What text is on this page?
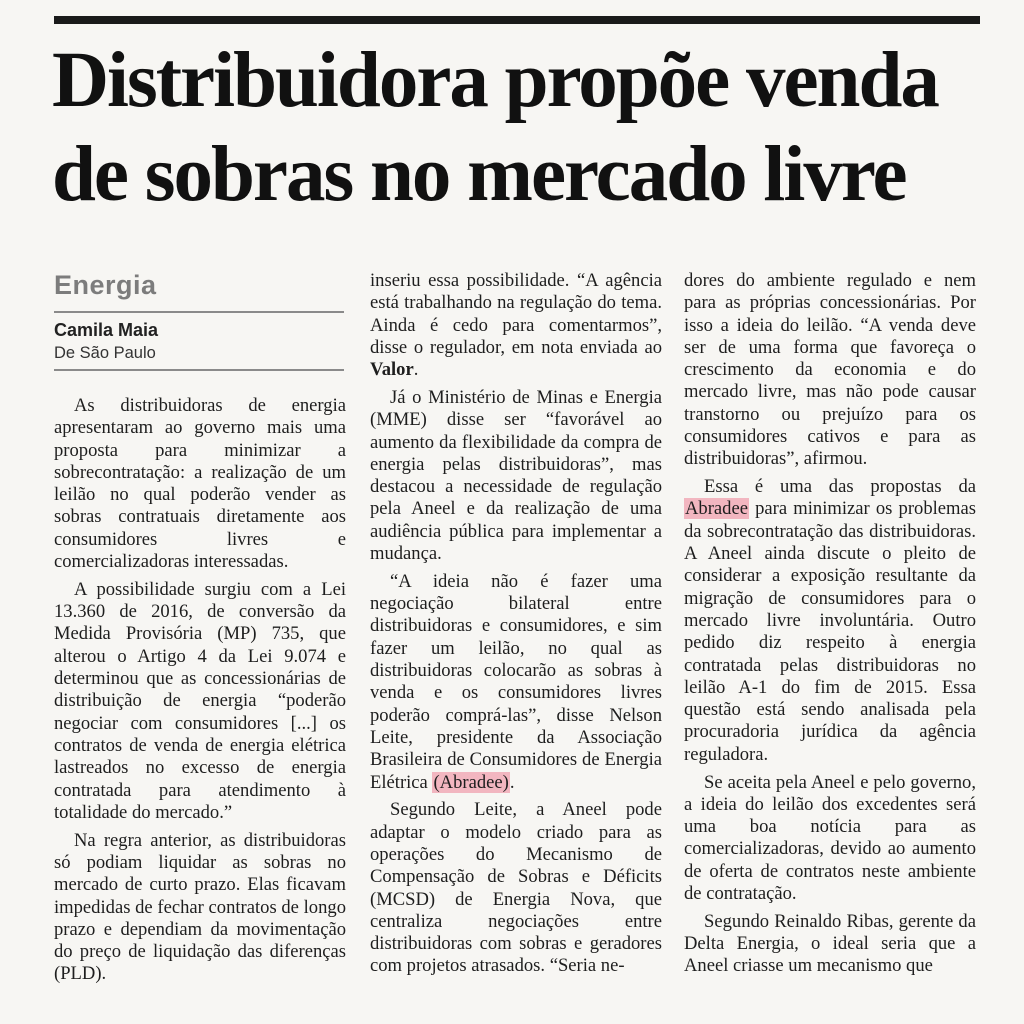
Distribuidora propõe venda
de sobras no mercado livre
Energia
Camila Maia
De São Paulo

As distribuidoras de energia apresentaram ao governo mais uma proposta para minimizar a sobrecontratação: a realização de um leilão no qual poderão vender as sobras contratuais diretamente aos consumidores livres e comercializadoras interessadas.

A possibilidade surgiu com a Lei 13.360 de 2016, de conversão da Medida Provisória (MP) 735, que alterou o Artigo 4 da Lei 9.074 e determinou que as concessionárias de distribuição de energia “poderão negociar com consumidores [...] os contratos de venda de energia elétrica lastreados no excesso de energia contratada para atendimento à totalidade do mercado.”

Na regra anterior, as distribuidoras só podiam liquidar as sobras no mercado de curto prazo. Elas ficavam impedidas de fechar contratos de longo prazo e dependiam da movimentação do preço de liquidação das diferenças (PLD).

inseriu essa possibilidade. “A agência está trabalhando na regulação do tema. Ainda é cedo para comentarmos”, disse o regulador, em nota enviada ao Valor.

Já o Ministério de Minas e Energia (MME) disse ser “favorável ao aumento da flexibilidade da compra de energia pelas distribuidoras”, mas destacou a necessidade de regulação pela Aneel e da realização de uma audiência pública para implementar a mudança.

“A ideia não é fazer uma negociação bilateral entre distribuidoras e consumidores, e sim fazer um leilão, no qual as distribuidoras colocarão as sobras à venda e os consumidores livres poderão comprá-las”, disse Nelson Leite, presidente da Associação Brasileira de Consumidores de Energia Elétrica (Abradee).

Segundo Leite, a Aneel pode adaptar o modelo criado para as operações do Mecanismo de Compensação de Sobras e Déficits (MCSD) de Energia Nova, que centraliza negociações entre distribuidoras com sobras e geradores com projetos atrasados. “Seria ne-

dores do ambiente regulado e nem para as próprias concessionárias. Por isso a ideia do leilão. “A venda deve ser de uma forma que favoreça o crescimento da economia e do mercado livre, mas não pode causar transtorno ou prejuízo para os consumidores cativos e para as distribuidoras”, afirmou.

Essa é uma das propostas da Abradee para minimizar os problemas da sobrecontratação das distribuidoras. A Aneel ainda discute o pleito de considerar a exposição resultante da migração de consumidores para o mercado livre involuntária. Outro pedido diz respeito à energia contratada pelas distribuidoras no leilão A-1 do fim de 2015. Essa questão está sendo analisada pela procuradoria jurídica da agência reguladora.

Se aceita pela Aneel e pelo governo, a ideia do leilão dos excedentes será uma boa notícia para as comercializadoras, devido ao aumento de oferta de contratos neste ambiente de contratação.

Segundo Reinaldo Ribas, gerente da Delta Energia, o ideal seria que a Aneel criasse um mecanismo que
